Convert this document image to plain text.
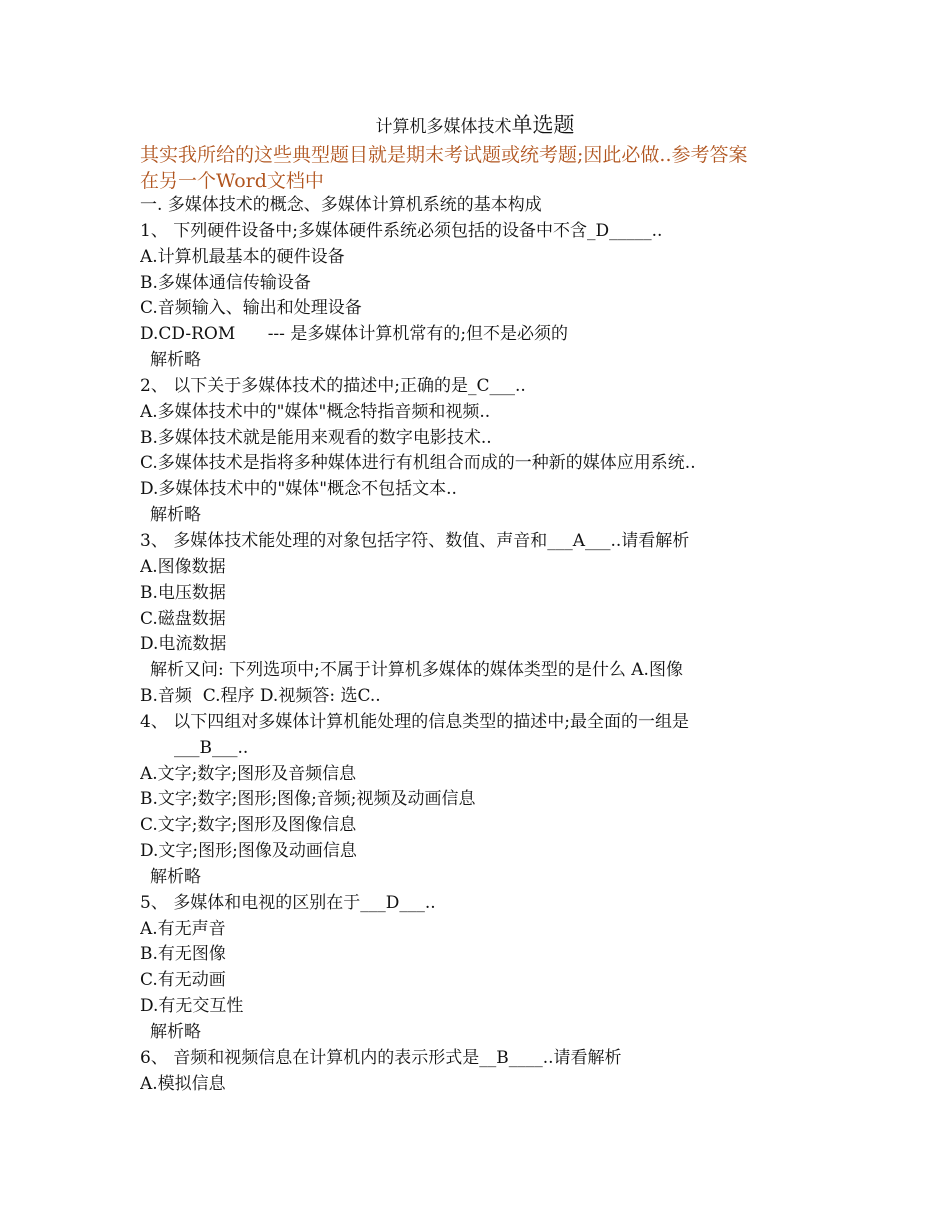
计算机多媒体技术单选题
其实我所给的这些典型题目就是期末考试题或统考题;因此必做..参考答案
在另一个Word文档中
一. 多媒体技术的概念、多媒体计算机系统的基本构成
1、 下列硬件设备中;多媒体硬件系统必须包括的设备中不含_D_____..
A.计算机最基本的硬件设备
B.多媒体通信传输设备
C.音频输入、输出和处理设备
D.CD-ROM      --- 是多媒体计算机常有的;但不是必须的
解析略
2、 以下关于多媒体技术的描述中;正确的是_C___..
A.多媒体技术中的"媒体"概念特指音频和视频..
B.多媒体技术就是能用来观看的数字电影技术..
C.多媒体技术是指将多种媒体进行有机组合而成的一种新的媒体应用系统..
D.多媒体技术中的"媒体"概念不包括文本..
解析略
3、 多媒体技术能处理的对象包括字符、数值、声音和___A___..请看解析
A.图像数据
B.电压数据
C.磁盘数据
D.电流数据
解析又问: 下列选项中;不属于计算机多媒体的媒体类型的是什么 A.图像
B.音频  C.程序 D.视频答: 选C..
4、 以下四组对多媒体计算机能处理的信息类型的描述中;最全面的一组是
___B___..
A.文字;数字;图形及音频信息
B.文字;数字;图形;图像;音频;视频及动画信息
C.文字;数字;图形及图像信息
D.文字;图形;图像及动画信息
解析略
5、 多媒体和电视的区别在于___D___..
A.有无声音
B.有无图像
C.有无动画
D.有无交互性
解析略
6、 音频和视频信息在计算机内的表示形式是__B____..请看解析
A.模拟信息
